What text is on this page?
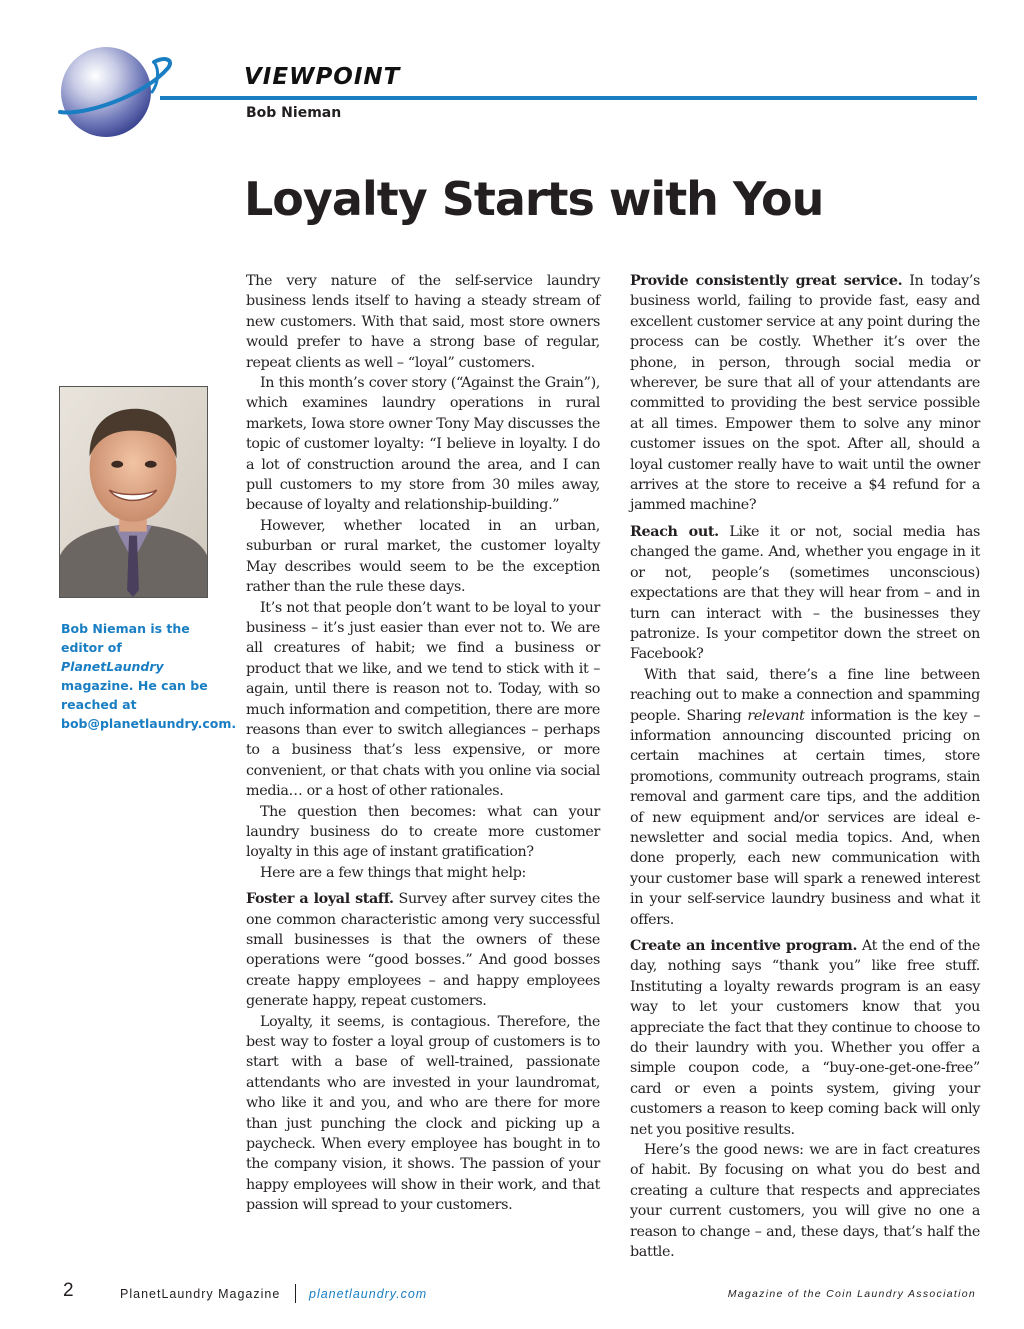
VIEWPOINT
Bob Nieman
Loyalty Starts with You
Bob Nieman is the editor of PlanetLaundry magazine. He can be reached at bob@planetlaundry.com.

The very nature of the self-service laundry business lends itself to having a steady stream of new customers. With that said, most store owners would prefer to have a strong base of regular, repeat clients as well – “loyal” customers.

In this month’s cover story (“Against the Grain”), which examines laundry operations in rural markets, Iowa store owner Tony May discusses the topic of customer loyalty: “I believe in loyalty. I do a lot of construction around the area, and I can pull customers to my store from 30 miles away, because of loyalty and relationship-building.”

However, whether located in an urban, suburban or rural market, the customer loyalty May describes would seem to be the exception rather than the rule these days.

It’s not that people don’t want to be loyal to your business – it’s just easier than ever not to. We are all creatures of habit; we find a business or product that we like, and we tend to stick with it – again, until there is reason not to. Today, with so much information and competition, there are more reasons than ever to switch allegiances – perhaps to a business that’s less expensive, or more convenient, or that chats with you online via social media… or a host of other rationales.

The question then becomes: what can your laundry business do to create more customer loyalty in this age of instant gratification?

Here are a few things that might help:

Foster a loyal staff. Survey after survey cites the one common characteristic among very successful small businesses is that the owners of these operations were “good bosses.” And good bosses create happy employees – and happy employees generate happy, repeat customers.

Loyalty, it seems, is contagious. Therefore, the best way to foster a loyal group of customers is to start with a base of well-trained, passionate attendants who are invested in your laundromat, who like it and you, and who are there for more than just punching the clock and picking up a paycheck. When every employee has bought in to the company vision, it shows. The passion of your happy employees will show in their work, and that passion will spread to your customers.

Provide consistently great service. In today’s business world, failing to provide fast, easy and excellent customer service at any point during the process can be costly. Whether it’s over the phone, in person, through social media or wherever, be sure that all of your attendants are committed to providing the best service possible at all times. Empower them to solve any minor customer issues on the spot. After all, should a loyal customer really have to wait until the owner arrives at the store to receive a $4 refund for a jammed machine?

Reach out. Like it or not, social media has changed the game. And, whether you engage in it or not, people’s (sometimes unconscious) expectations are that they will hear from – and in turn can interact with – the businesses they patronize. Is your competitor down the street on Facebook?

With that said, there’s a fine line between reaching out to make a connection and spamming people. Sharing relevant information is the key – information announcing discounted pricing on certain machines at certain times, store promotions, community outreach programs, stain removal and garment care tips, and the addition of new equipment and/or services are ideal e-newsletter and social media topics. And, when done properly, each new communication with your customer base will spark a renewed interest in your self-service laundry business and what it offers.

Create an incentive program. At the end of the day, nothing says “thank you” like free stuff. Instituting a loyalty rewards program is an easy way to let your customers know that you appreciate the fact that they continue to choose to do their laundry with you. Whether you offer a simple coupon code, a “buy-one-get-one-free” card or even a points system, giving your customers a reason to keep coming back will only net you positive results.

Here’s the good news: we are in fact creatures of habit. By focusing on what you do best and creating a culture that respects and appreciates your current customers, you will give no one a reason to change – and, these days, that’s half the battle.

2	PlanetLaundry Magazine planetlaundry.com	Magazine of the Coin Laundry Association
